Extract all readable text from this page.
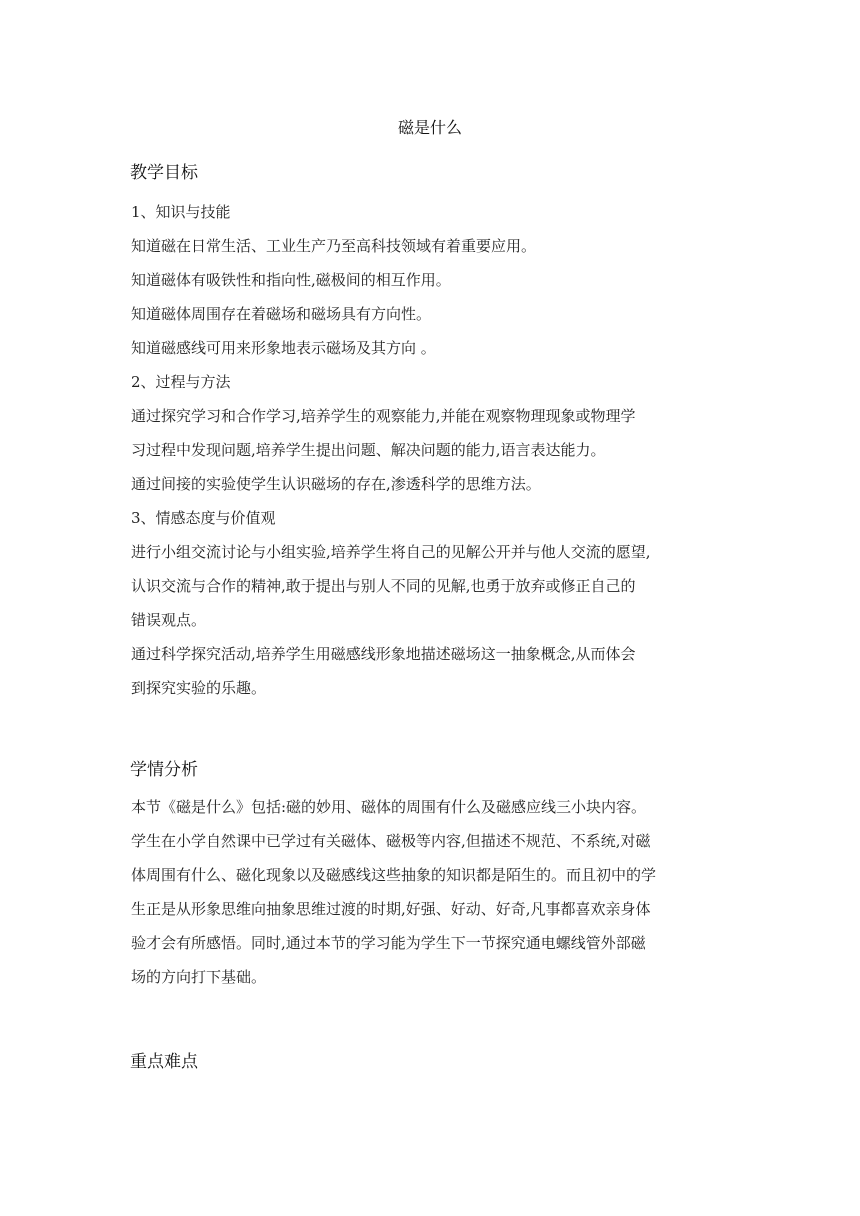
磁是什么
教学目标
1、知识与技能
知道磁在日常生活、工业生产乃至高科技领域有着重要应用。
知道磁体有吸铁性和指向性,磁极间的相互作用。
知道磁体周围存在着磁场和磁场具有方向性。
知道磁感线可用来形象地表示磁场及其方向 。
2、过程与方法
通过探究学习和合作学习,培养学生的观察能力,并能在观察物理现象或物理学
习过程中发现问题,培养学生提出问题、解决问题的能力,语言表达能力。
通过间接的实验使学生认识磁场的存在,渗透科学的思维方法。
3、情感态度与价值观
进行小组交流讨论与小组实验,培养学生将自己的见解公开并与他人交流的愿望,
认识交流与合作的精神,敢于提出与别人不同的见解,也勇于放弃或修正自己的
错误观点。
通过科学探究活动,培养学生用磁感线形象地描述磁场这一抽象概念,从而体会
到探究实验的乐趣。
学情分析
本节《磁是什么》包括:磁的妙用、磁体的周围有什么及磁感应线三小块内容。
学生在小学自然课中已学过有关磁体、磁极等内容,但描述不规范、不系统,对磁
体周围有什么、磁化现象以及磁感线这些抽象的知识都是陌生的。而且初中的学
生正是从形象思维向抽象思维过渡的时期,好强、好动、好奇,凡事都喜欢亲身体
验才会有所感悟。同时,通过本节的学习能为学生下一节探究通电螺线管外部磁
场的方向打下基础。
重点难点
